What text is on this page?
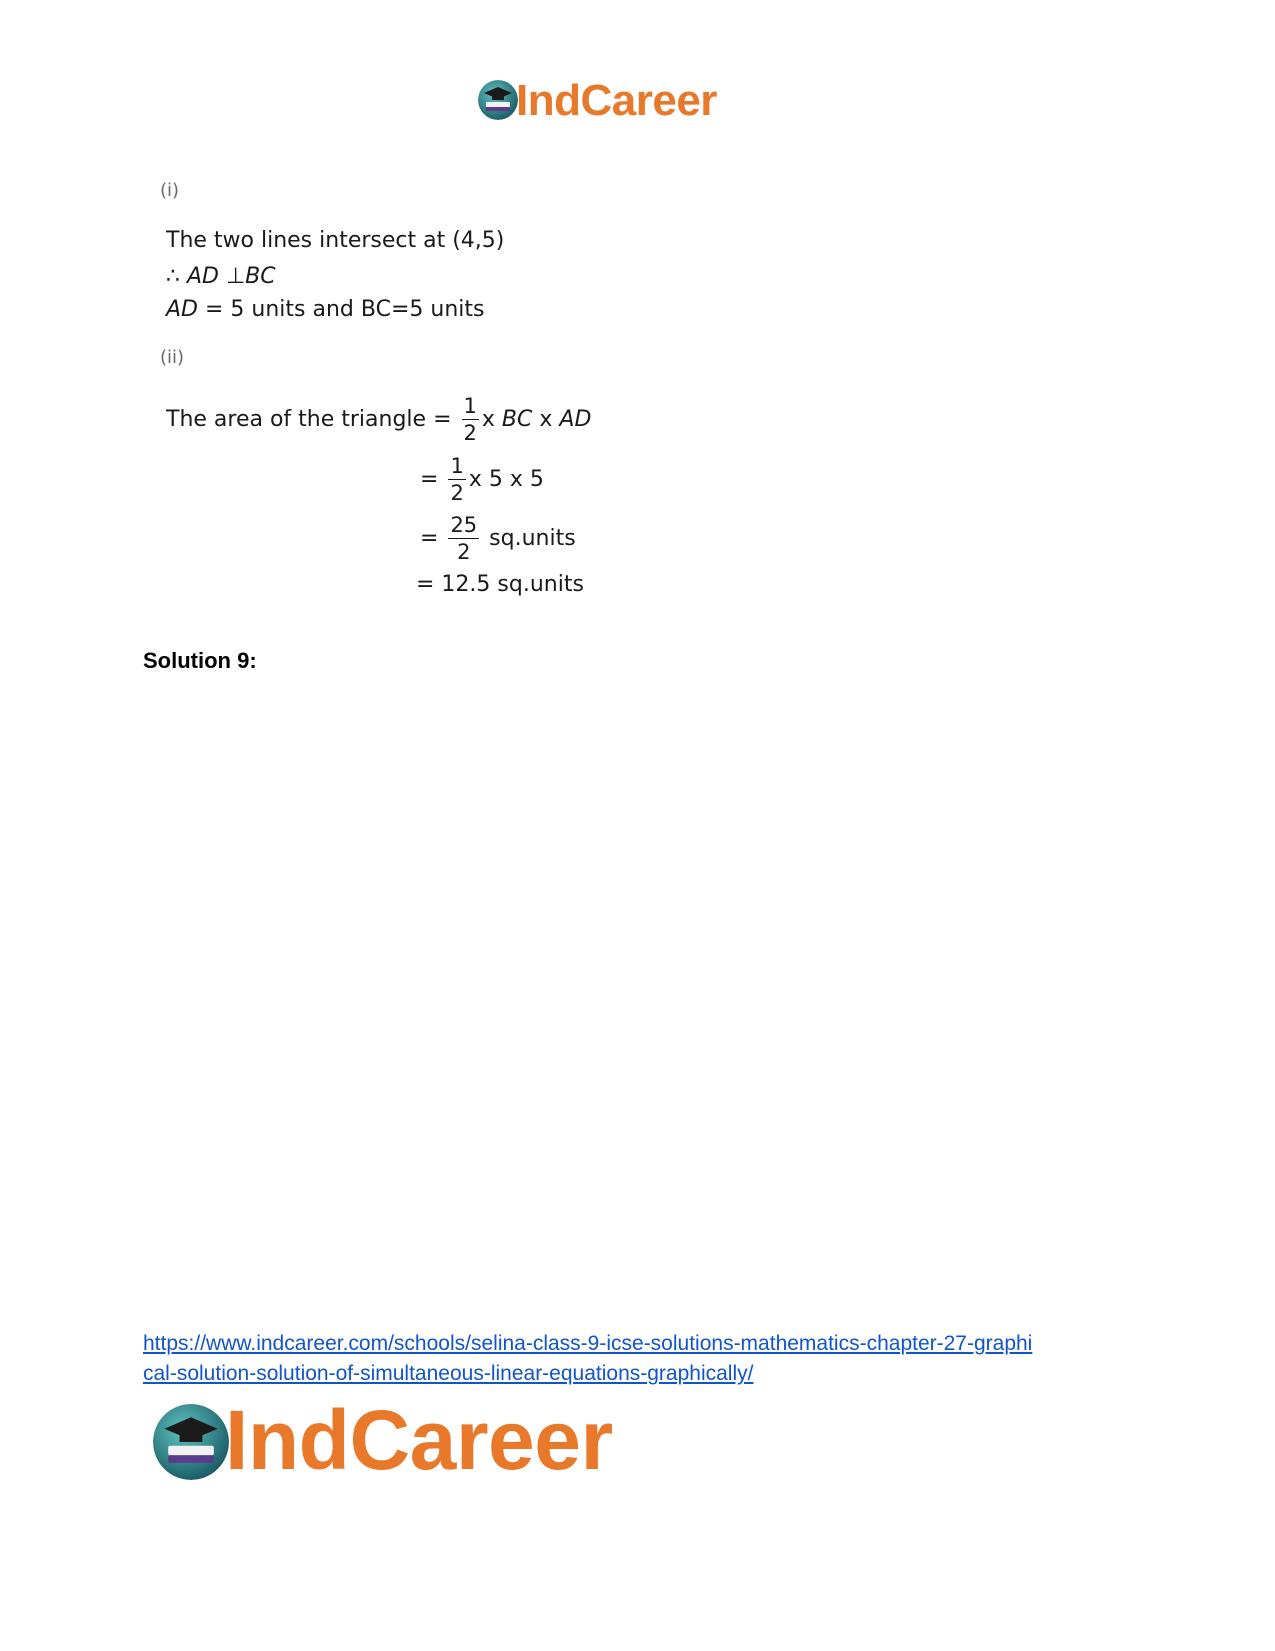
IndCareer
(i)
The two lines intersect at (4,5)
∴ AD ⊥BC
AD = 5 units and BC=5 units
(ii)
The area of the triangle = $\frac{1}{2}$ x BC x AD
= $\frac{1}{2}$ x 5 x 5
= $\frac{25}{2}$ sq.units
= 12.5 sq.units
Solution 9:
https://www.indcareer.com/schools/selina-class-9-icse-solutions-mathematics-chapter-27-graphi
cal-solution-solution-of-simultaneous-linear-equations-graphically/
IndCareer
